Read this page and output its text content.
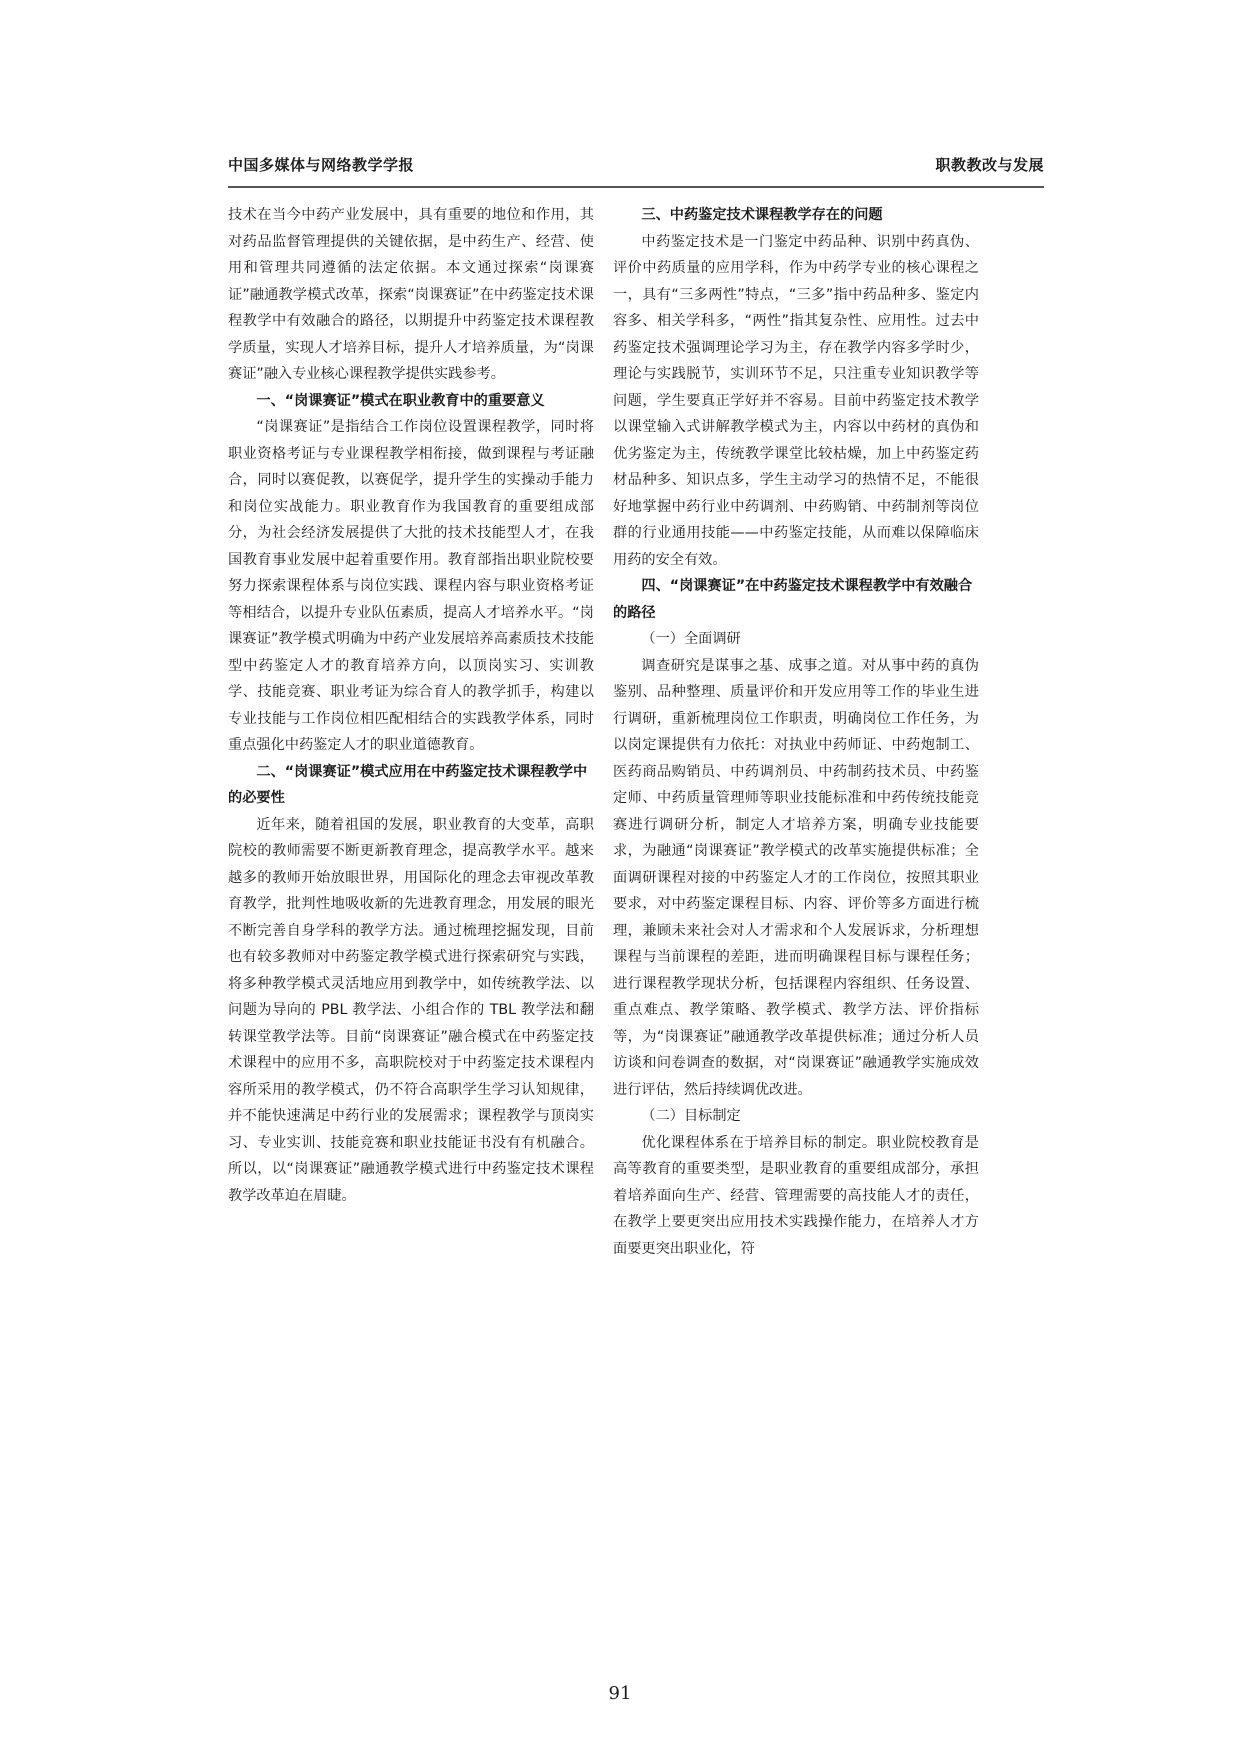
中国多媒体与网络教学学报	职教教改与发展

技术在当今中药产业发展中，具有重要的地位和作用，其对药品监督管理提供的关键依据，是中药生产、经营、使用和管理共同遵循的法定依据。本文通过探索“岗课赛证”融通教学模式改革，探索“岗课赛证”在中药鉴定技术课程教学中有效融合的路径，以期提升中药鉴定技术课程教学质量，实现人才培养目标，提升人才培养质量，为“岗课赛证”融入专业核心课程教学提供实践参考。

一、“岗课赛证”模式在职业教育中的重要意义

“岗课赛证”是指结合工作岗位设置课程教学，同时将职业资格考证与专业课程教学相衔接，做到课程与考证融合，同时以赛促教，以赛促学，提升学生的实操动手能力和岗位实战能力。职业教育作为我国教育的重要组成部分，为社会经济发展提供了大批的技术技能型人才，在我国教育事业发展中起着重要作用。教育部指出职业院校要努力探索课程体系与岗位实践、课程内容与职业资格考证等相结合，以提升专业队伍素质，提高人才培养水平。“岗课赛证”教学模式明确为中药产业发展培养高素质技术技能型中药鉴定人才的教育培养方向，以顶岗实习、实训教学、技能竞赛、职业考证为综合育人的教学抓手，构建以专业技能与工作岗位相匹配相结合的实践教学体系，同时重点强化中药鉴定人才的职业道德教育。

二、“岗课赛证”模式应用在中药鉴定技术课程教学中的必要性

近年来，随着祖国的发展，职业教育的大变革，高职院校的教师需要不断更新教育理念，提高教学水平。越来越多的教师开始放眼世界，用国际化的理念去审视改革教育教学，批判性地吸收新的先进教育理念，用发展的眼光不断完善自身学科的教学方法。通过梳理挖掘发现，目前也有较多教师对中药鉴定教学模式进行探索研究与实践，将多种教学模式灵活地应用到教学中，如传统教学法、以问题为导向的 PBL 教学法、小组合作的 TBL 教学法和翻转课堂教学法等。目前“岗课赛证”融合模式在中药鉴定技术课程中的应用不多，高职院校对于中药鉴定技术课程内容所采用的教学模式，仍不符合高职学生学习认知规律，并不能快速满足中药行业的发展需求；课程教学与顶岗实习、专业实训、技能竞赛和职业技能证书没有有机融合。所以，以“岗课赛证”融通教学模式进行中药鉴定技术课程教学改革迫在眉睫。

三、中药鉴定技术课程教学存在的问题

中药鉴定技术是一门鉴定中药品种、识别中药真伪、评价中药质量的应用学科，作为中药学专业的核心课程之一，具有“三多两性”特点，“三多”指中药品种多、鉴定内容多、相关学科多，“两性”指其复杂性、应用性。过去中药鉴定技术强调理论学习为主，存在教学内容多学时少，理论与实践脱节，实训环节不足，只注重专业知识教学等问题，学生要真正学好并不容易。目前中药鉴定技术教学以课堂输入式讲解教学模式为主，内容以中药材的真伪和优劣鉴定为主，传统教学课堂比较枯燥，加上中药鉴定药材品种多、知识点多，学生主动学习的热情不足，不能很好地掌握中药行业中药调剂、中药购销、中药制剂等岗位群的行业通用技能——中药鉴定技能，从而难以保障临床用药的安全有效。

四、“岗课赛证”在中药鉴定技术课程教学中有效融合的路径

（一）全面调研

调查研究是谋事之基、成事之道。对从事中药的真伪鉴别、品种整理、质量评价和开发应用等工作的毕业生进行调研，重新梳理岗位工作职责，明确岗位工作任务，为以岗定课提供有力依托：对执业中药师证、中药炮制工、医药商品购销员、中药调剂员、中药制药技术员、中药鉴定师、中药质量管理师等职业技能标准和中药传统技能竞赛进行调研分析，制定人才培养方案，明确专业技能要求，为融通“岗课赛证”教学模式的改革实施提供标准；全面调研课程对接的中药鉴定人才的工作岗位，按照其职业要求，对中药鉴定课程目标、内容、评价等多方面进行梳理，兼顾未来社会对人才需求和个人发展诉求，分析理想课程与当前课程的差距，进而明确课程目标与课程任务；进行课程教学现状分析，包括课程内容组织、任务设置、重点难点、教学策略、教学模式、教学方法、评价指标等，为“岗课赛证”融通教学改革提供标准；通过分析人员访谈和问卷调查的数据，对“岗课赛证”融通教学实施成效进行评估，然后持续调优改进。

（二）目标制定

优化课程体系在于培养目标的制定。职业院校教育是高等教育的重要类型，是职业教育的重要组成部分，承担着培养面向生产、经营、管理需要的高技能人才的责任，在教学上要更突出应用技术实践操作能力，在培养人才方面要更突出职业化，符

91
